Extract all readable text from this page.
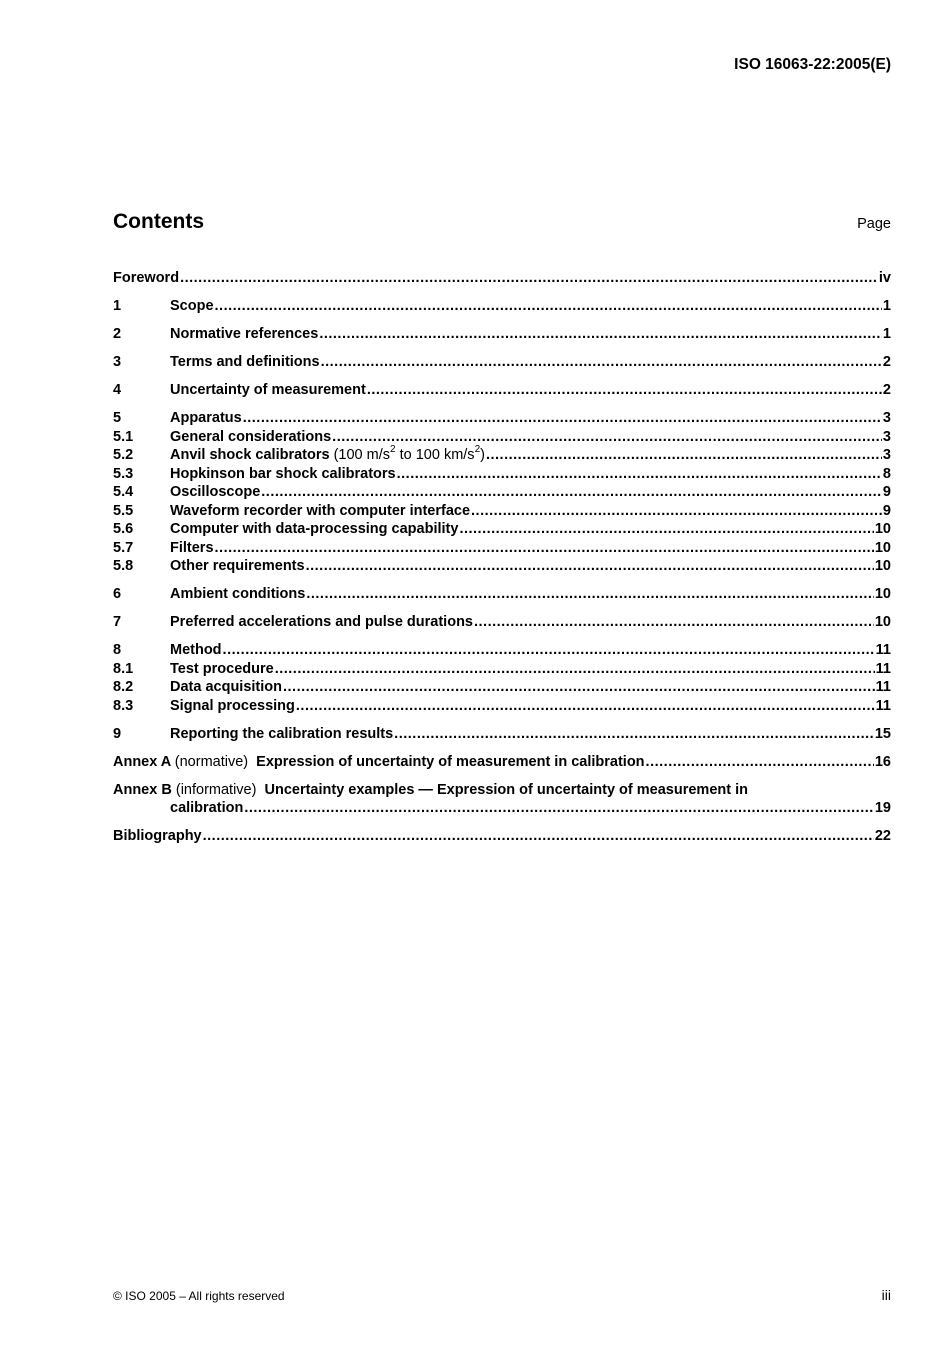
ISO 16063-22:2005(E)
Contents	Page
Foreword .....	iv
1	Scope .....	1
2	Normative references .....	1
3	Terms and definitions .....	2
4	Uncertainty of measurement .....	2
5	Apparatus .....	3
5.1	General considerations .....	3
5.2	Anvil shock calibrators (100 $m/s^2$ to 100 $km/s^2$) .....	3
5.3	Hopkinson bar shock calibrators .....	8
5.4	Oscilloscope .....	9
5.5	Waveform recorder with computer interface .....	9
5.6	Computer with data-processing capability .....	10
5.7	Filters .....	10
5.8	Other requirements .....	10
6	Ambient conditions .....	10
7	Preferred accelerations and pulse durations .....	10
8	Method .....	11
8.1	Test procedure .....	11
8.2	Data acquisition .....	11
8.3	Signal processing .....	11
9	Reporting the calibration results .....	15
Annex A (normative) Expression of uncertainty of measurement in calibration .....	16
Annex B (informative) Uncertainty examples — Expression of uncertainty of measurement in
calibration .....	19
Bibliography .....	22
© ISO 2005 – All rights reserved	iii
